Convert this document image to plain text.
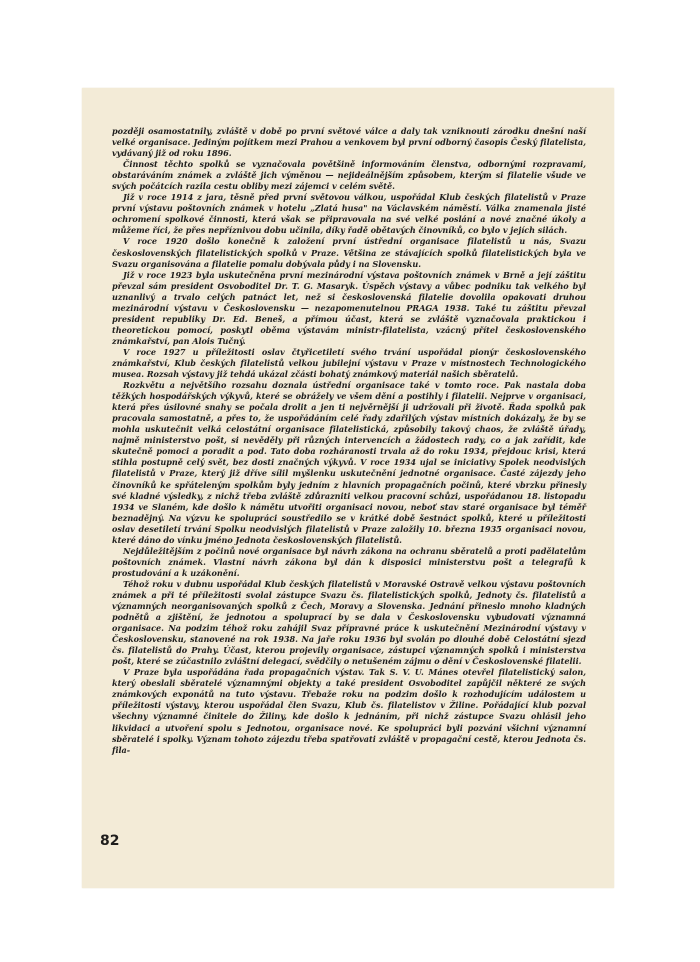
později osamostatnily, zvláště v době po první světové válce a daly tak vzniknouti zárodku dnešní naší velké organisace. Jediným pojítkem mezi Prahou a venkovem byl první odborný časopis Český filatelista, vydávaný již od roku 1896.

Činnost těchto spolků se vyznačovala povětšině informováním členstva, odbornými rozpravami, obstaráváním známek a zvláště jich výměnou — nejideálnějším způsobem, kterým si filatelie všude ve svých počátcích razila cestu obliby mezi zájemci v celém světě.

Již v roce 1914 z jara, těsně před první světovou válkou, uspořádal Klub českých filatelistů v Praze první výstavu poštovních známek v hotelu „Zlatá husa" na Václavském náměstí. Válka znamenala jisté ochromení spolkové činnosti, která však se připravovala na své velké poslání a nové značné úkoly a můžeme říci, že přes nepříznivou dobu učinila, díky řadě obětavých činovníků, co bylo v jejích silách.

V roce 1920 došlo konečně k založení první ústřední organisace filatelistů u nás, Svazu československých filatelistických spolků v Praze. Většina ze stávajících spolků filatelistických byla ve Svazu organisována a filatelie pomalu dobývala půdy i na Slovensku.

Již v roce 1923 byla uskutečněna první mezinárodní výstava poštovních známek v Brně a její záštitu převzal sám president Osvoboditel Dr. T. G. Masaryk. Úspěch výstavy a vůbec podniku tak velkého byl uznanlivý a trvalo celých patnáct let, než si československá filatelie dovolila opakovati druhou mezinárodní výstavu v Československu — nezapomenutelnou PRAGA 1938. Také tu záštitu převzal president republiky Dr. Ed. Beneš, a přímou účast, která se zvláště vyznačovala praktickou i theoretickou pomocí, poskytl oběma výstavám ministr-filatelista, vzácný přítel československého známkařství, pan Alois Tučný.

V roce 1927 u příležitosti oslav čtyřicetiletí svého trvání uspořádal pionýr československého známkařství, Klub českých filatelistů velkou jubilejní výstavu v Praze v místnostech Technologického musea. Rozsah výstavy již tehdá ukázal zčásti bohatý známkový materiál našich sběratelů.

Rozkvětu a největšího rozsahu doznala ústřední organisace také v tomto roce. Pak nastala doba těžkých hospodářských výkyvů, které se obrážely ve všem dění a postihly i filatelii. Nejprve v organisaci, která přes úsilovné snahy se počala drolit a jen ti nejvěrnější ji udržovali při životě. Řada spolků pak pracovala samostatně, a přes to, že uspořádáním celé řady zdařilých výstav místních dokázaly, že by se mohla uskutečnit velká celostátní organisace filatelistická, způsobily takový chaos, že zvláště úřady, najmě ministerstvo pošt, si nevěděly při různých intervencích a žádostech rady, co a jak zařídit, kde skutečně pomoci a poradit a pod. Tato doba rozháranosti trvala až do roku 1934, přejdouc krisi, která stihla postupně celý svět, bez dosti značných výkyvů. V roce 1934 ujal se iniciativy Spolek neodvislých filatelistů v Praze, který již dříve sílil myšlenku uskutečnění jednotné organisace. Časté zájezdy jeho činovníků ke spřáteleným spolkům byly jedním z hlavních propagačních počinů, které vbrzku přinesly své kladné výsledky, z nichž třeba zvláště zdůrazniti velkou pracovní schůzi, uspořádanou 18. listopadu 1934 ve Slaném, kde došlo k námětu utvořiti organisaci novou, neboť stav staré organisace byl téměř beznadějný. Na výzvu ke spolupráci soustředilo se v krátké době šestnáct spolků, které u příležitosti oslav desetiletí trvání Spolku neodvislých filatelistů v Praze založily 10. března 1935 organisaci novou, které dáno do vínku jméno Jednota československých filatelistů.

Nejdůležitějším z počinů nové organisace byl návrh zákona na ochranu sběratelů a proti padělatelům poštovních známek. Vlastní návrh zákona byl dán k disposici ministerstvu pošt a telegrafů k prostudování a k uzákonění.

Téhož roku v dubnu uspořádal Klub českých filatelistů v Moravské Ostravě velkou výstavu poštovních známek a při té příležitosti svolal zástupce Svazu čs. filatelistických spolků, Jednoty čs. filatelistů a významných neorganisovaných spolků z Čech, Moravy a Slovenska. Jednání přineslo mnoho kladných podnětů a zjištění, že jednotou a spoluprací by se dala v Československu vybudovati významná organisace. Na podzim téhož roku zahájil Svaz přípravné práce k uskutečnění Mezinárodní výstavy v Československu, stanovené na rok 1938. Na jaře roku 1936 byl svolán po dlouhé době Celostátní sjezd čs. filatelistů do Prahy. Účast, kterou projevily organisace, zástupci významných spolků i ministerstva pošt, které se zúčastnilo zvláštní delegací, svědčily o netušeném zájmu o dění v Československé filatelii.

V Praze byla uspořádána řada propagačních výstav. Tak S. V. U. Mánes otevřel filatelistický salon, který obeslali sběratelé významnými objekty a také president Osvoboditel zapůjčil některé ze svých známkových exponátů na tuto výstavu. Třebaže roku na podzim došlo k rozhodujícím událostem u příležitosti výstavy, kterou uspořádal člen Svazu, Klub čs. filatelistov v Žiline. Pořádající klub pozval všechny významné činitele do Žiliny, kde došlo k jednáním, při nichž zástupce Svazu ohlásil jeho likvidaci a utvoření spolu s Jednotou, organisace nové. Ke spolupráci byli pozváni všichni významní sběratelé i spolky. Význam tohoto zájezdu třeba spatřovati zvláště v propagační cestě, kterou Jednota čs. fila-

82
